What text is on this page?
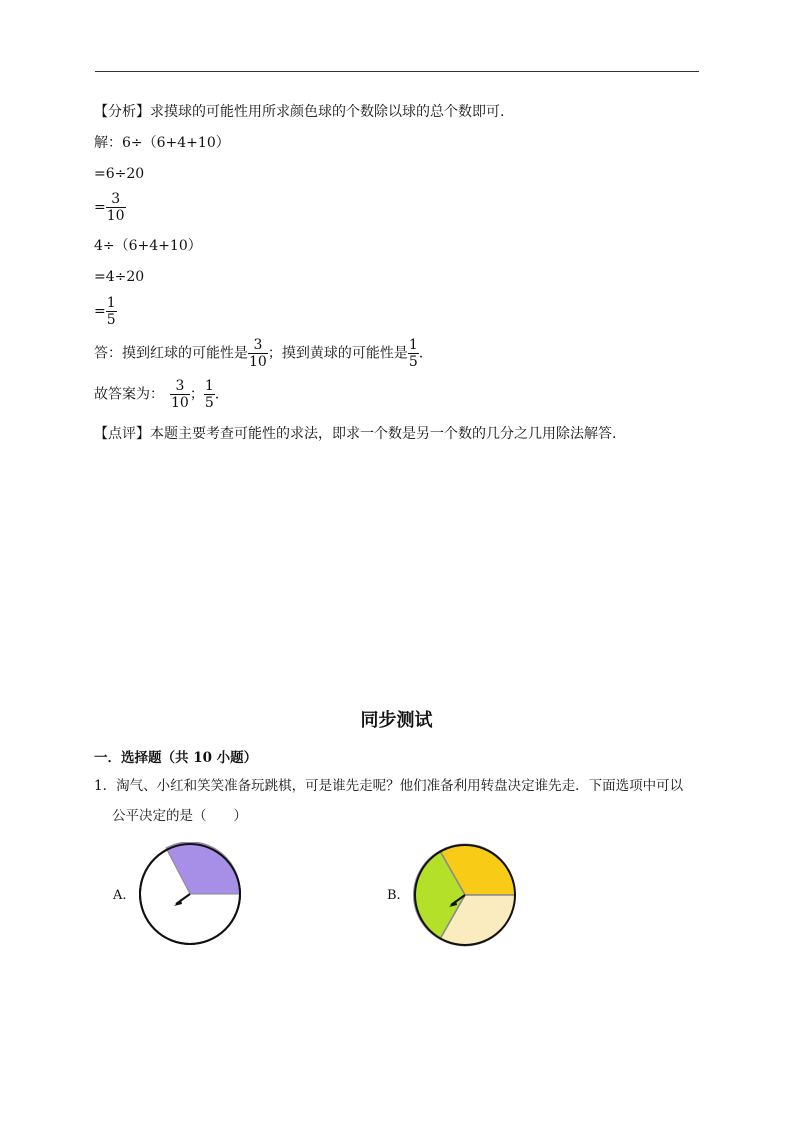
【分析】求摸球的可能性用所求颜色球的个数除以球的总个数即可.
解：6÷（6+4+10）
=6÷20
= $\frac{3}{10}$
4÷（6+4+10）
=4÷20
= $\frac{1}{5}$
答：摸到红球的可能性是 $\frac{3}{10}$ ；摸到黄球的可能性是 $\frac{1}{5}$ .
故答案为： $\frac{3}{10}$ ； $\frac{1}{5}$ .
【点评】本题主要考查可能性的求法，即求一个数是另一个数的几分之几用除法解答.
同步测试
一．选择题（共 10 小题）
1．淘气、小红和笑笑准备玩跳棋，可是谁先走呢？他们准备利用转盘决定谁先走．下面选项中可以
公平决定的是（　　）
A.	B.
